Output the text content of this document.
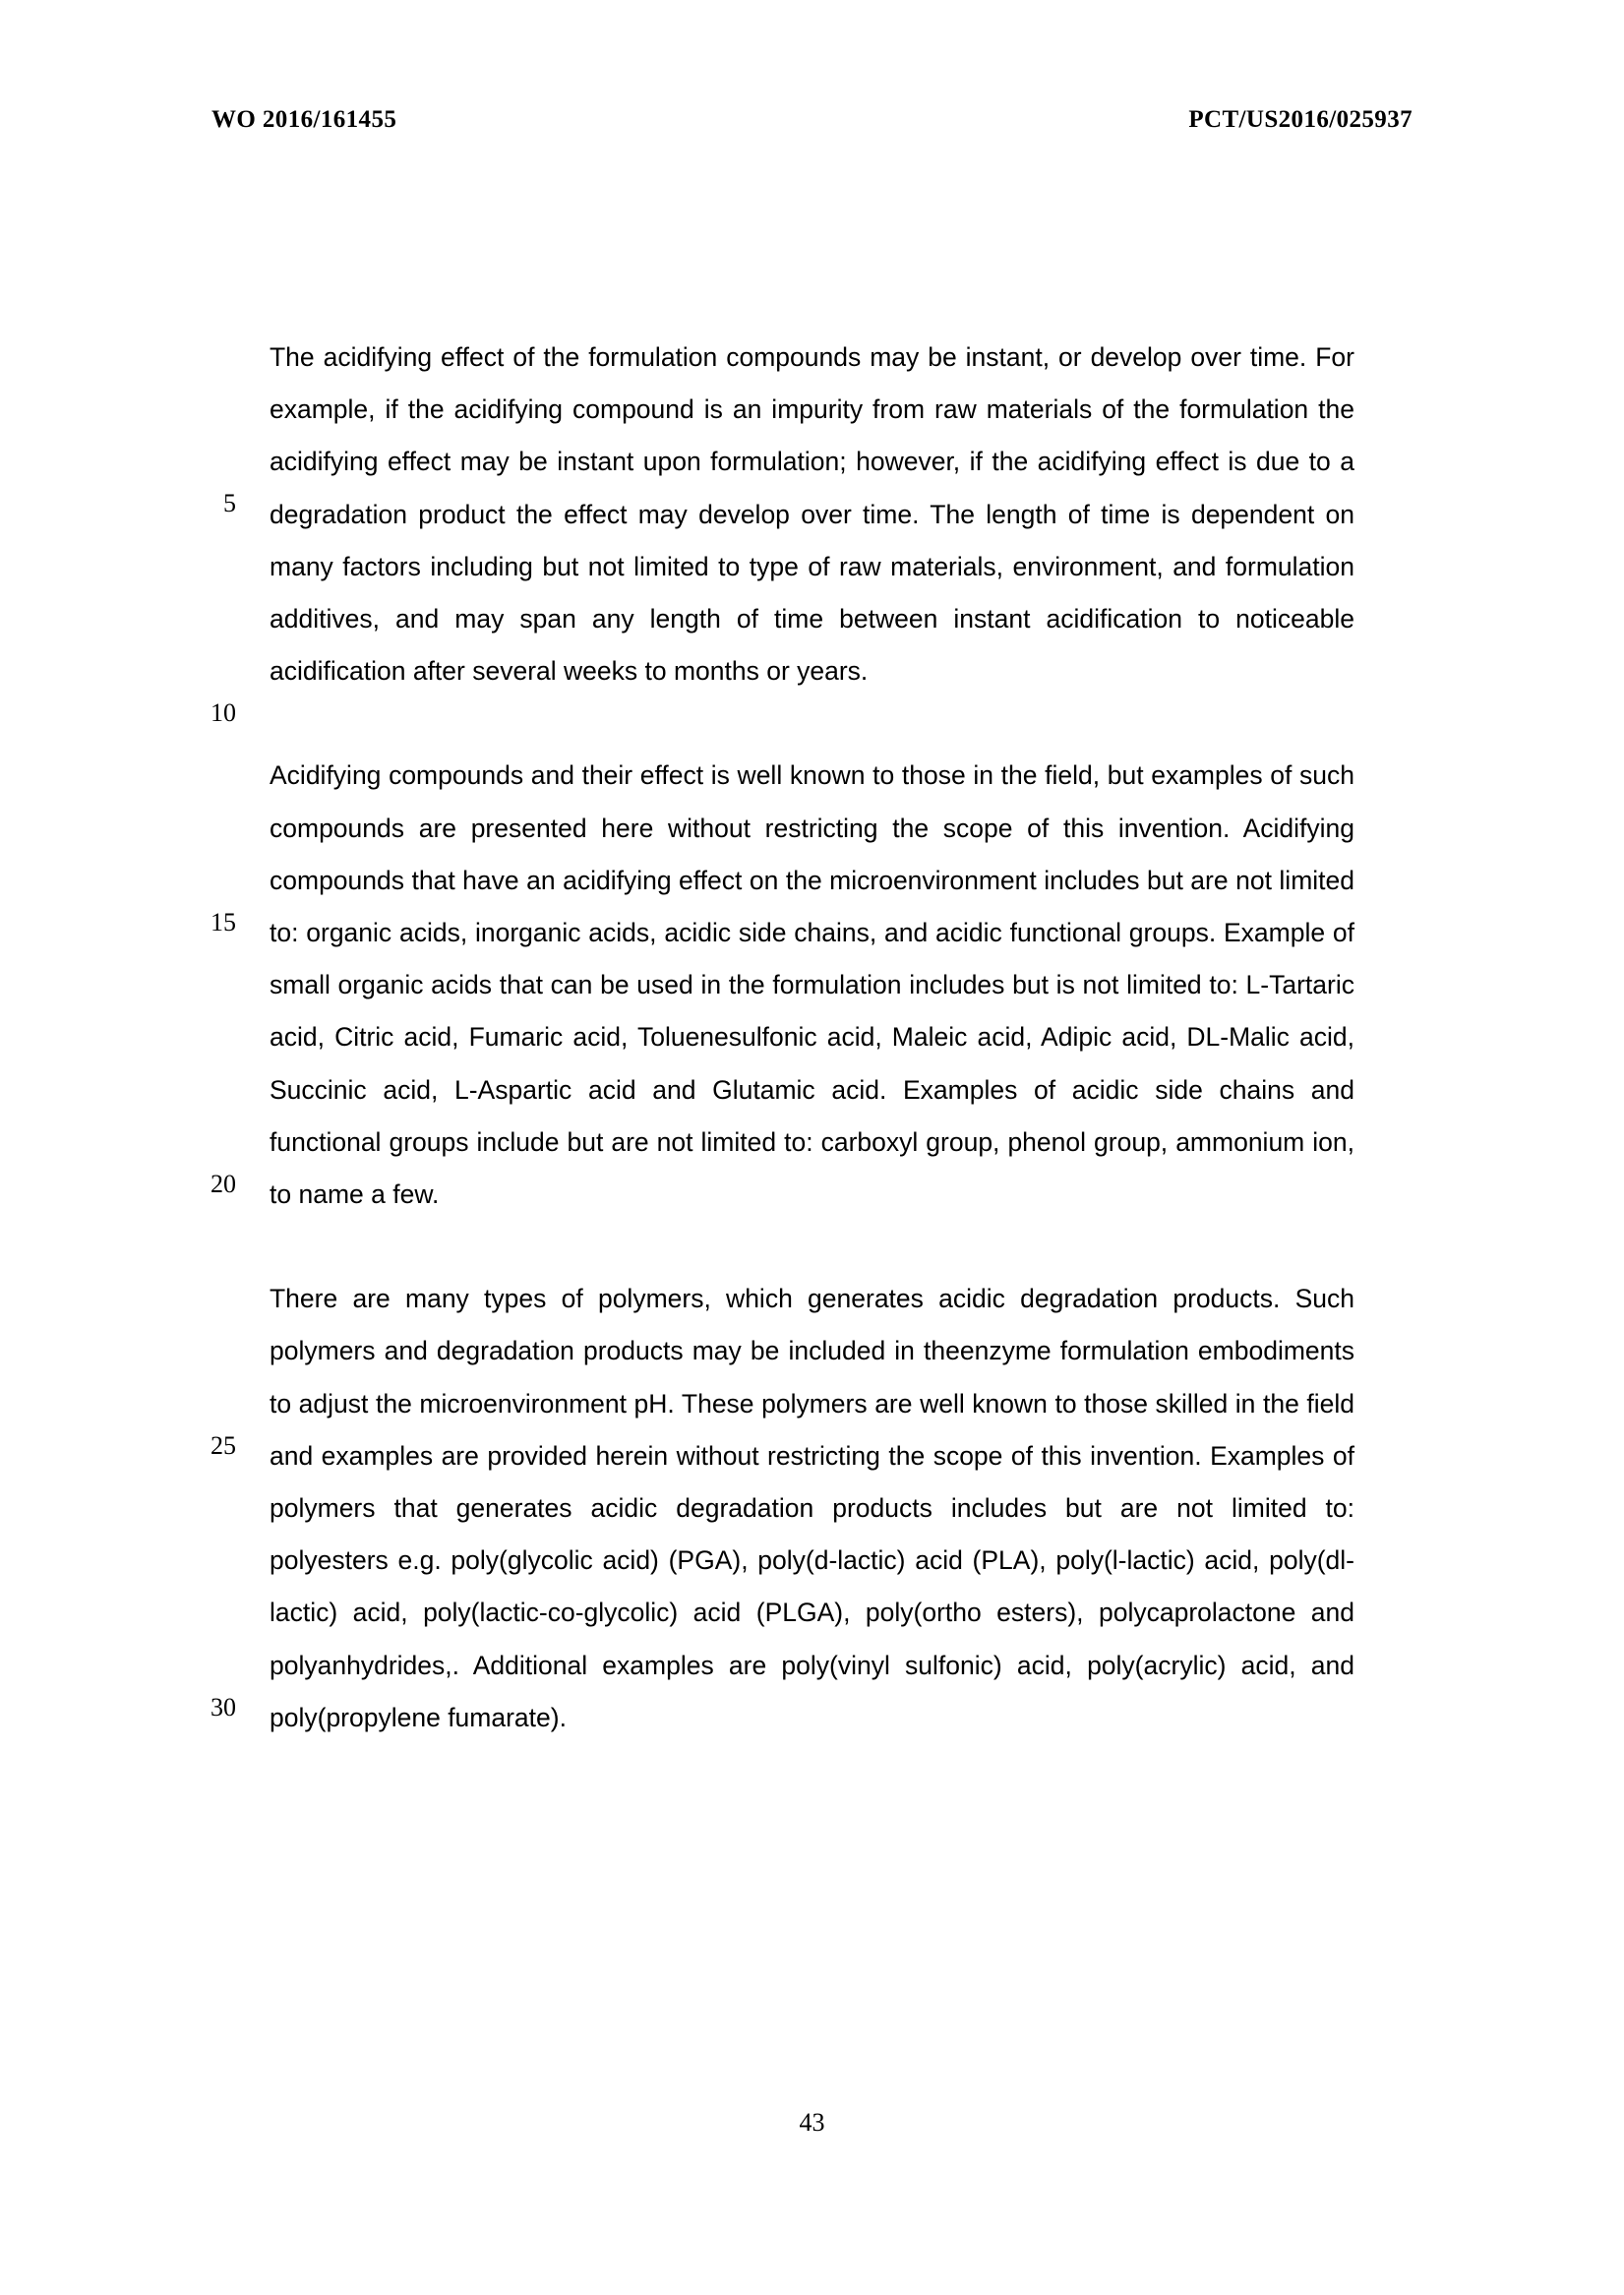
WO 2016/161455	PCT/US2016/025937
5
10
15
20
25
30

The acidifying effect of the formulation compounds may be instant, or develop over time. For example, if the acidifying compound is an impurity from raw materials of the formulation the acidifying effect may be instant upon formulation; however, if the acidifying effect is due to a degradation product the effect may develop over time. The length of time is dependent on many factors including but not limited to type of raw materials, environment, and formulation additives, and may span any length of time between instant acidification to noticeable acidification after several weeks to months or years.

Acidifying compounds and their effect is well known to those in the field, but examples of such compounds are presented here without restricting the scope of this invention. Acidifying compounds that have an acidifying effect on the microenvironment includes but are not limited to: organic acids, inorganic acids, acidic side chains, and acidic functional groups. Example of small organic acids that can be used in the formulation includes but is not limited to: L-Tartaric acid, Citric acid, Fumaric acid, Toluenesulfonic acid, Maleic acid, Adipic acid, DL-Malic acid, Succinic acid, L-Aspartic acid and Glutamic acid. Examples of acidic side chains and functional groups include but are not limited to: carboxyl group, phenol group, ammonium ion, to name a few.

There are many types of polymers, which generates acidic degradation products. Such polymers and degradation products may be included in theenzyme formulation embodiments to adjust the microenvironment pH. These polymers are well known to those skilled in the field and examples are provided herein without restricting the scope of this invention. Examples of polymers that generates acidic degradation products includes but are not limited to: polyesters e.g. poly(glycolic acid) (PGA), poly(d-lactic) acid (PLA), poly(l-lactic) acid, poly(dl-lactic) acid, poly(lactic-co-glycolic) acid (PLGA), poly(ortho esters), polycaprolactone and polyanhydrides,. Additional examples are poly(vinyl sulfonic) acid, poly(acrylic) acid, and poly(propylene fumarate).

43
